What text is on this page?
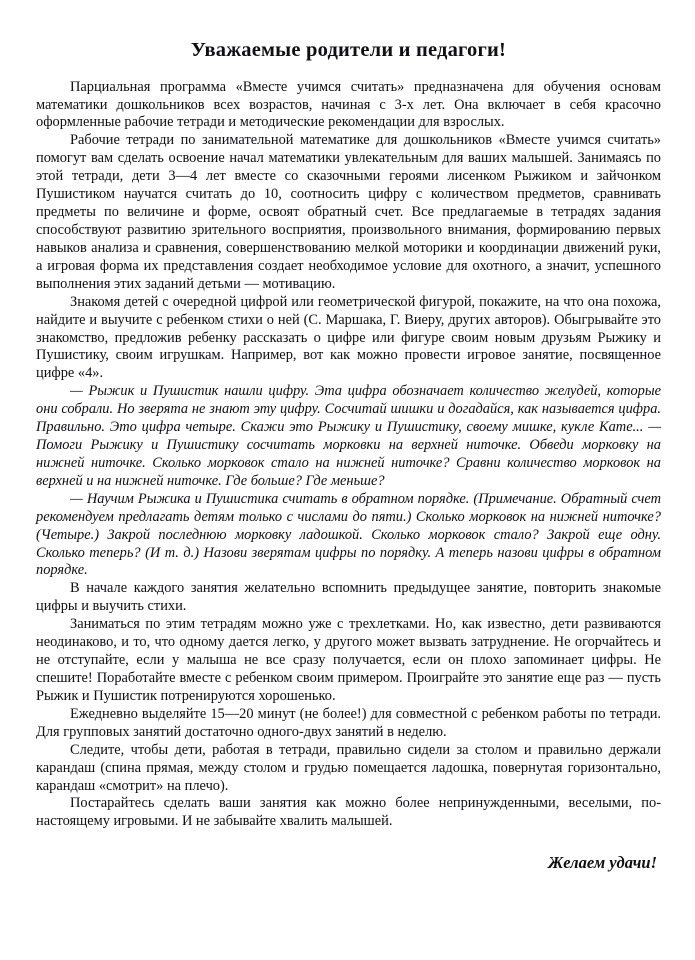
Уважаемые родители и педагоги!

Парциальная программа «Вместе учимся считать» предназначена для обучения основам математики дошкольников всех возрастов, начиная с 3-х лет. Она включает в себя красочно оформленные рабочие тетради и методические рекомендации для взрослых.

Рабочие тетради по занимательной математике для дошкольников «Вместе учимся считать» помогут вам сделать освоение начал математики увлекательным для ваших малышей. Занимаясь по этой тетради, дети 3—4 лет вместе со сказочными героями лисенком Рыжиком и зайчонком Пушистиком научатся считать до 10, соотносить цифру с количеством предметов, сравнивать предметы по величине и форме, освоят обратный счет. Все предлагаемые в тетрадях задания способствуют развитию зрительного восприятия, произвольного внимания, формированию первых навыков анализа и сравнения, совершенствованию мелкой моторики и координации движений руки, а игровая форма их представления создает необходимое условие для охотного, а значит, успешного выполнения этих заданий детьми — мотивацию.

Знакомя детей с очередной цифрой или геометрической фигурой, покажите, на что она похожа, найдите и выучите с ребенком стихи о ней (С. Маршака, Г. Виеру, других авторов). Обыгрывайте это знакомство, предложив ребенку рассказать о цифре или фигуре своим новым друзьям Рыжику и Пушистику, своим игрушкам. Например, вот как можно провести игровое занятие, посвященное цифре «4».

— Рыжик и Пушистик нашли цифру. Эта цифра обозначает количество желудей, которые они собрали. Но зверята не знают эту цифру. Сосчитай шишки и догадайся, как называется цифра. Правильно. Это цифра четыре. Скажи это Рыжику и Пушистику, своему мишке, кукле Кате... — Помоги Рыжику и Пушистику сосчитать морковки на верхней ниточке. Обведи морковку на нижней ниточке. Сколько морковок стало на нижней ниточке? Сравни количество морковок на верхней и на нижней ниточке. Где больше? Где меньше?

— Научим Рыжика и Пушистика считать в обратном порядке. (Примечание. Обратный счет рекомендуем предлагать детям только с числами до пяти.) Сколько морковок на нижней ниточке? (Четыре.) Закрой последнюю морковку ладошкой. Сколько морковок стало? Закрой еще одну. Сколько теперь? (И т. д.) Назови зверятам цифры по порядку. А теперь назови цифры в обратном порядке.

В начале каждого занятия желательно вспомнить предыдущее занятие, повторить знакомые цифры и выучить стихи.

Заниматься по этим тетрадям можно уже с трехлетками. Но, как известно, дети развиваются неодинаково, и то, что одному дается легко, у другого может вызвать затруднение. Не огорчайтесь и не отступайте, если у малыша не все сразу получается, если он плохо запоминает цифры. Не спешите! Поработайте вместе с ребенком своим примером. Проиграйте это занятие еще раз — пусть Рыжик и Пушистик потренируются хорошенько.

Ежедневно выделяйте 15—20 минут (не более!) для совместной с ребенком работы по тетради. Для групповых занятий достаточно одного-двух занятий в неделю.

Следите, чтобы дети, работая в тетради, правильно сидели за столом и правильно держали карандаш (спина прямая, между столом и грудью помещается ладошка, повернутая горизонтально, карандаш «смотрит» на плечо).

Постарайтесь сделать ваши занятия как можно более непринужденными, веселыми, по-настоящему игровыми. И не забывайте хвалить малышей.

Желаем удачи!
